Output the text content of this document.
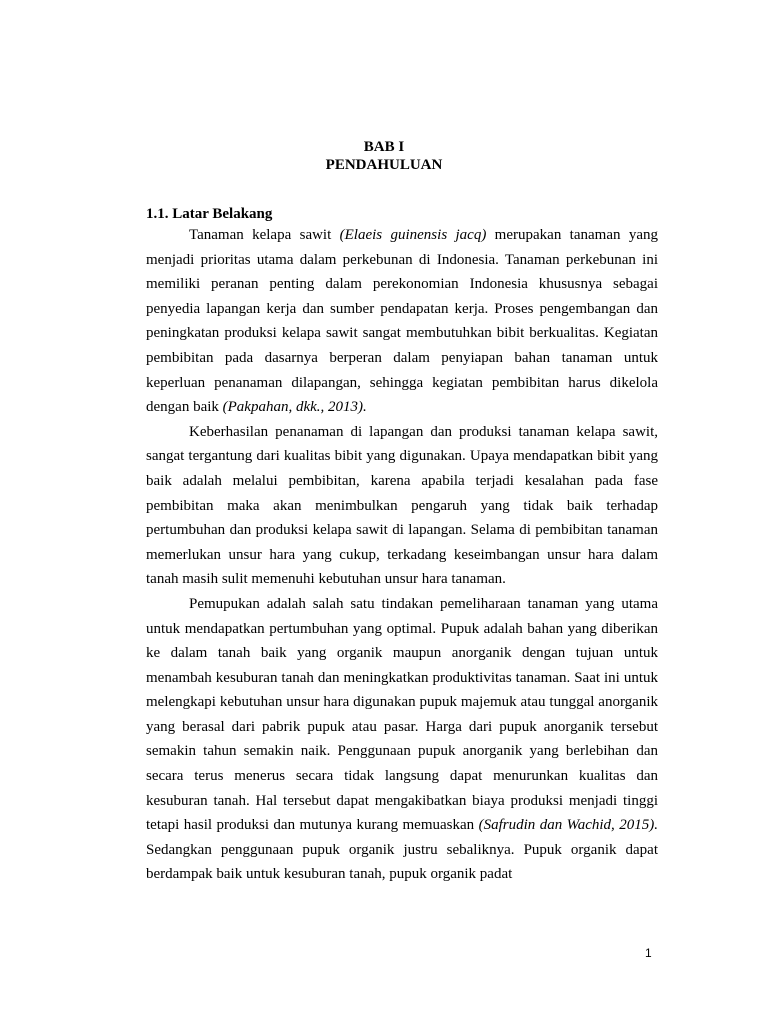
BAB I
PENDAHULUAN
1.1. Latar Belakang

Tanaman kelapa sawit (Elaeis guinensis jacq) merupakan tanaman yang menjadi prioritas utama dalam perkebunan di Indonesia. Tanaman perkebunan ini memiliki peranan penting dalam perekonomian Indonesia khususnya sebagai penyedia lapangan kerja dan sumber pendapatan kerja. Proses pengembangan dan peningkatan produksi kelapa sawit sangat membutuhkan bibit berkualitas. Kegiatan pembibitan pada dasarnya berperan dalam penyiapan bahan tanaman untuk keperluan penanaman dilapangan, sehingga kegiatan pembibitan harus dikelola dengan baik (Pakpahan, dkk., 2013).

Keberhasilan penanaman di lapangan dan produksi tanaman kelapa sawit, sangat tergantung dari kualitas bibit yang digunakan. Upaya mendapatkan bibit yang baik adalah melalui pembibitan, karena apabila terjadi kesalahan pada fase pembibitan maka akan menimbulkan pengaruh yang tidak baik terhadap pertumbuhan dan produksi kelapa sawit di lapangan. Selama di pembibitan tanaman memerlukan unsur hara yang cukup, terkadang keseimbangan unsur hara dalam tanah masih sulit memenuhi kebutuhan unsur hara tanaman.

Pemupukan adalah salah satu tindakan pemeliharaan tanaman yang utama untuk mendapatkan pertumbuhan yang optimal. Pupuk adalah bahan yang diberikan ke dalam tanah baik yang organik maupun anorganik dengan tujuan untuk menambah kesuburan tanah dan meningkatkan produktivitas tanaman. Saat ini untuk melengkapi kebutuhan unsur hara digunakan pupuk majemuk atau tunggal anorganik yang berasal dari pabrik pupuk atau pasar. Harga dari pupuk anorganik tersebut semakin tahun semakin naik. Penggunaan pupuk anorganik yang berlebihan dan secara terus menerus secara tidak langsung dapat menurunkan kualitas dan kesuburan tanah. Hal tersebut dapat mengakibatkan biaya produksi menjadi tinggi tetapi hasil produksi dan mutunya kurang memuaskan (Safrudin dan Wachid, 2015). Sedangkan penggunaan pupuk organik justru sebaliknya. Pupuk organik dapat berdampak baik untuk kesuburan tanah, pupuk organik padat

1
